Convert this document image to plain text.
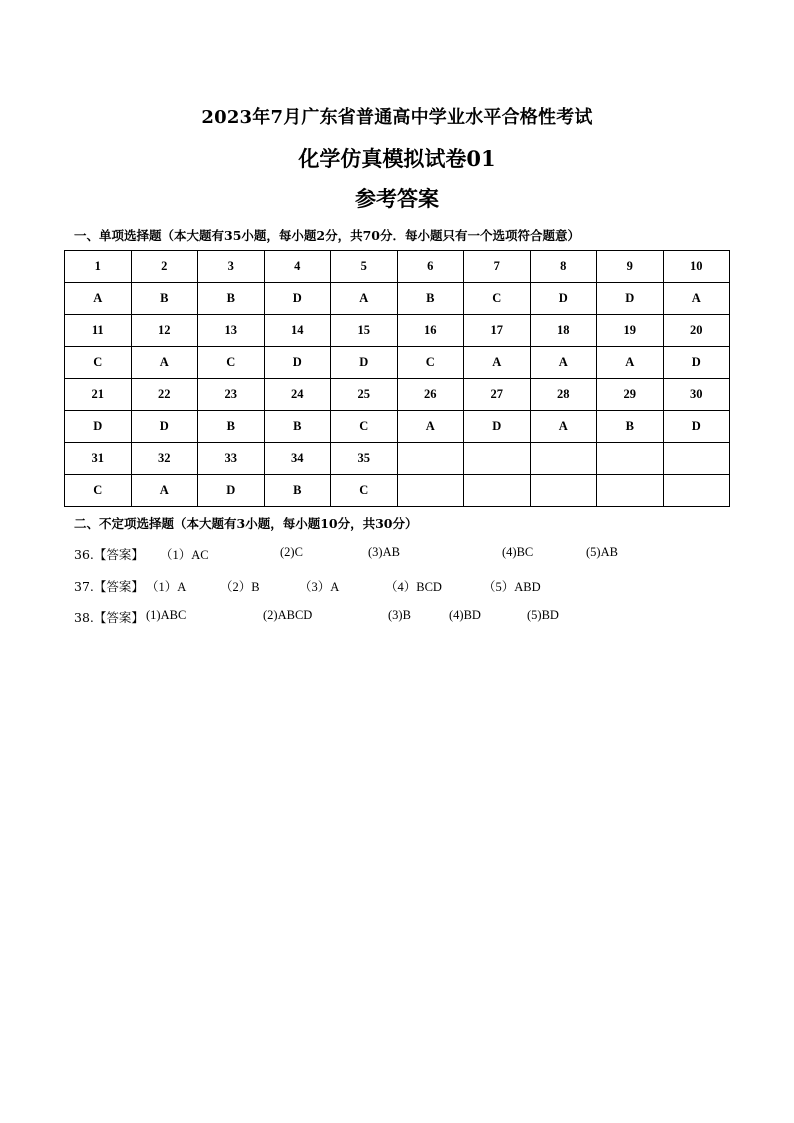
2023年7月广东省普通高中学业水平合格性考试
化学仿真模拟试卷01
参考答案
一、单项选择题（本大题有35小题，每小题2分，共70分．每小题只有一个选项符合题意）
1	2	3	4	5	6	7	8	9	10
A	B	B	D	A	B	C	D	D	A
11	12	13	14	15	16	17	18	19	20
C	A	C	D	D	C	A	A	A	D
21	22	23	24	25	26	27	28	29	30
D	D	B	B	C	A	D	A	B	D
31	32	33	34	35					
C	A	D	B	C					
二、不定项选择题（本大题有3小题，每小题10分，共30分）
36.【答案】 （1）AC	(2)C	(3)AB	(4)BC	(5)AB
37.【答案】 （1）A	（2）B	（3）A	（4）BCD	（5）ABD
38.【答案】 (1)ABC	(2)ABCD	(3)B	(4)BD	(5)BD
